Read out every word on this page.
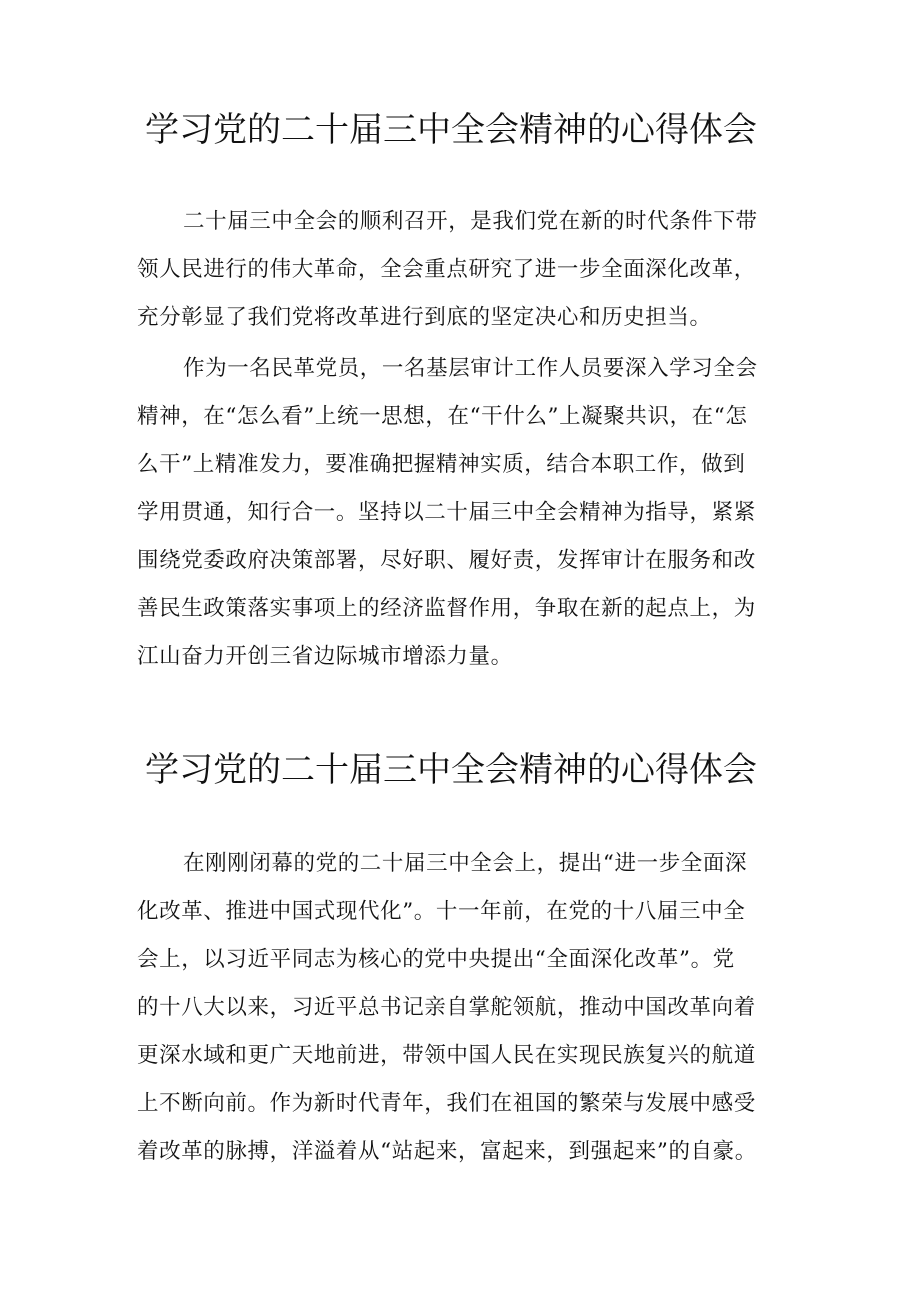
学习党的二十届三中全会精神的心得体会

二十届三中全会的顺利召开，是我们党在新的时代条件下带

领人民进行的伟大革命，全会重点研究了进一步全面深化改革，

充分彰显了我们党将改革进行到底的坚定决心和历史担当。

作为一名民革党员，一名基层审计工作人员要深入学习全会

精神，在“怎么看”上统一思想，在“干什么”上凝聚共识，在“怎

么干”上精准发力，要准确把握精神实质，结合本职工作，做到

学用贯通，知行合一。坚持以二十届三中全会精神为指导，紧紧

围绕党委政府决策部署，尽好职、履好责，发挥审计在服务和改

善民生政策落实事项上的经济监督作用，争取在新的起点上，为

江山奋力开创三省边际城市增添力量。

学习党的二十届三中全会精神的心得体会

在刚刚闭幕的党的二十届三中全会上，提出“进一步全面深

化改革、推进中国式现代化”。十一年前，在党的十八届三中全

会上，以习近平同志为核心的党中央提出“全面深化改革”。党

的十八大以来，习近平总书记亲自掌舵领航，推动中国改革向着

更深水域和更广天地前进，带领中国人民在实现民族复兴的航道

上不断向前。作为新时代青年，我们在祖国的繁荣与发展中感受

着改革的脉搏，洋溢着从“站起来，富起来，到强起来”的自豪。
